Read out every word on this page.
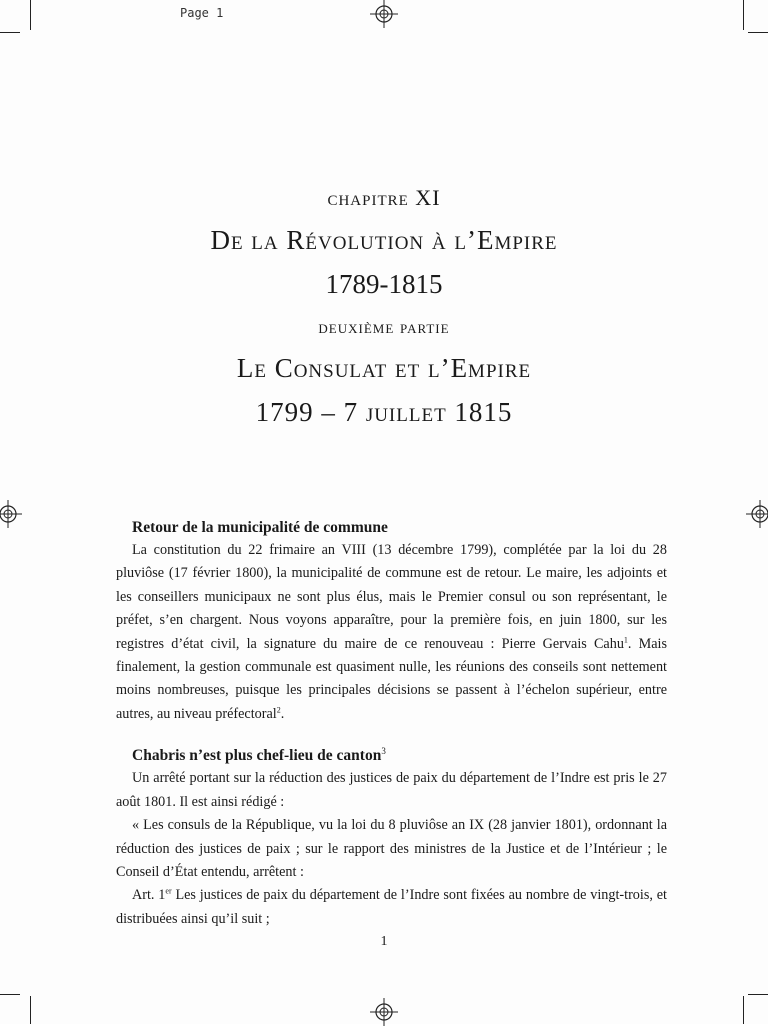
Page 1

chapitre XI

De la Révolution à l’Empire

1789-1815

deuxième partie

Le Consulat et l’Empire

1799 – 7 juillet 1815

Retour de la municipalité de commune

La constitution du 22 frimaire an VIII (13 décembre 1799), complétée par la loi du 28 pluviôse (17 février 1800), la municipalité de commune est de retour. Le maire, les adjoints et les conseillers municipaux ne sont plus élus, mais le Premier consul ou son représentant, le préfet, s’en chargent. Nous voyons apparaître, pour la première fois, en juin 1800, sur les registres d’état civil, la signature du maire de ce renouveau : Pierre Gervais Cahu$^1$. Mais finalement, la gestion communale est quasiment nulle, les réunions des conseils sont nettement moins nombreuses, puisque les principales décisions se passent à l’échelon supérieur, entre autres, au niveau préfectoral$^2$.

Chabris n’est plus chef-lieu de canton$^3$

Un arrêté portant sur la réduction des justices de paix du département de l’Indre est pris le 27 août 1801. Il est ainsi rédigé :

« Les consuls de la République, vu la loi du 8 pluviôse an IX (28 janvier 1801), ordonnant la réduction des justices de paix ; sur le rapport des ministres de la Justice et de l’Intérieur ; le Conseil d’État entendu, arrêtent :

Art. 1er Les justices de paix du département de l’Indre sont fixées au nombre de vingt-trois, et distribuées ainsi qu’il suit ;

1
